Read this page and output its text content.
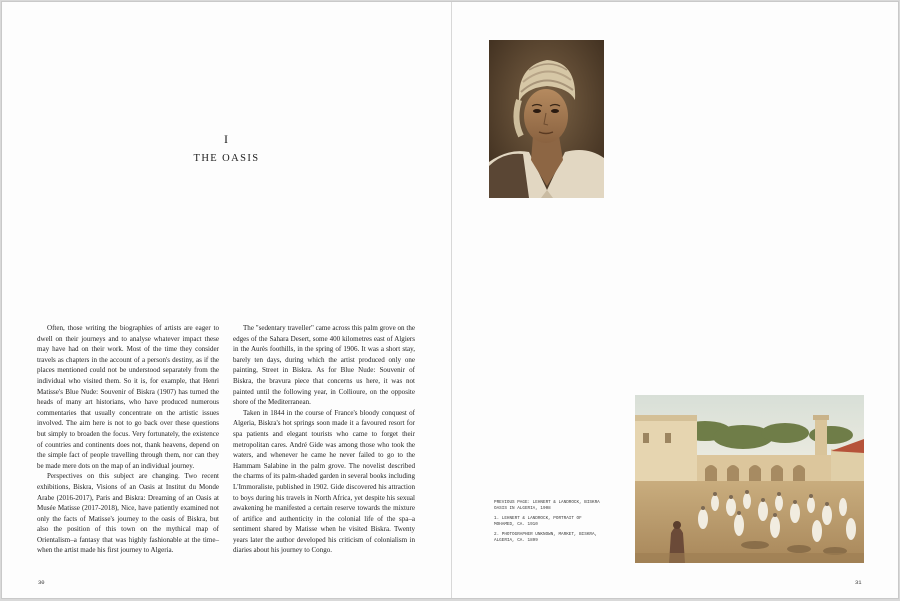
I
THE OASIS

Often, those writing the biographies of artists are eager to dwell on their journeys and to analyse whatever impact these may have had on their work. Most of the time they consider travels as chapters in the account of a person's destiny, as if the places mentioned could not be understood separately from the individual who visited them. So it is, for example, that Henri Matisse's Blue Nude: Souvenir of Biskra (1907) has turned the heads of many art historians, who have produced numerous commentaries that usually concentrate on the artistic issues involved. The aim here is not to go back over these questions but simply to broaden the focus. Very fortunately, the existence of countries and continents does not, thank heavens, depend on the simple fact of people travelling through them, nor can they be made mere dots on the map of an individual journey.

Perspectives on this subject are changing. Two recent exhibitions, Biskra, Visions of an Oasis at Institut du Monde Arabe (2016-2017), Paris and Biskra: Dreaming of an Oasis at Musée Matisse (2017-2018), Nice, have patiently examined not only the facts of Matisse's journey to the oasis of Biskra, but also the position of this town on the mythical map of Orientalism–a fantasy that was highly fashionable at the time–when the artist made his first journey to Algeria.

The "sedentary traveller" came across this palm grove on the edges of the Sahara Desert, some 400 kilometres east of Algiers in the Aurès foothills, in the spring of 1906. It was a short stay, barely ten days, during which the artist produced only one painting, Street in Biskra. As for Blue Nude: Souvenir of Biskra, the bravura piece that concerns us here, it was not painted until the following year, in Collioure, on the opposite shore of the Mediterranean.

Taken in 1844 in the course of France's bloody conquest of Algeria, Biskra's hot springs soon made it a favoured resort for spa patients and elegant tourists who came to forget their metropolitan cares. André Gide was among those who took the waters, and whenever he came he never failed to go to the Hammam Salabine in the palm grove. The novelist described the charms of its palm-shaded garden in several books including L'Immoraliste, published in 1902. Gide discovered his attraction to boys during his travels in North Africa, yet despite his sexual awakening he manifested a certain reserve towards the mixture of artifice and authenticity in the colonial life of the spa–a sentiment shared by Matisse when he visited Biskra. Twenty years later the author developed his criticism of colonialism in diaries about his journey to Congo.

30
PREVIOUS PAGE: LEHNERT & LANDROCK, BISKRA OASIS IN ALGERIA, 1908
1. LEHNERT & LANDROCK, PORTRAIT OF MOHAMED, CA. 1910
2. PHOTOGRAPHER UNKNOWN, MARKET, BISKRA, ALGERIA, CA. 1899
31
